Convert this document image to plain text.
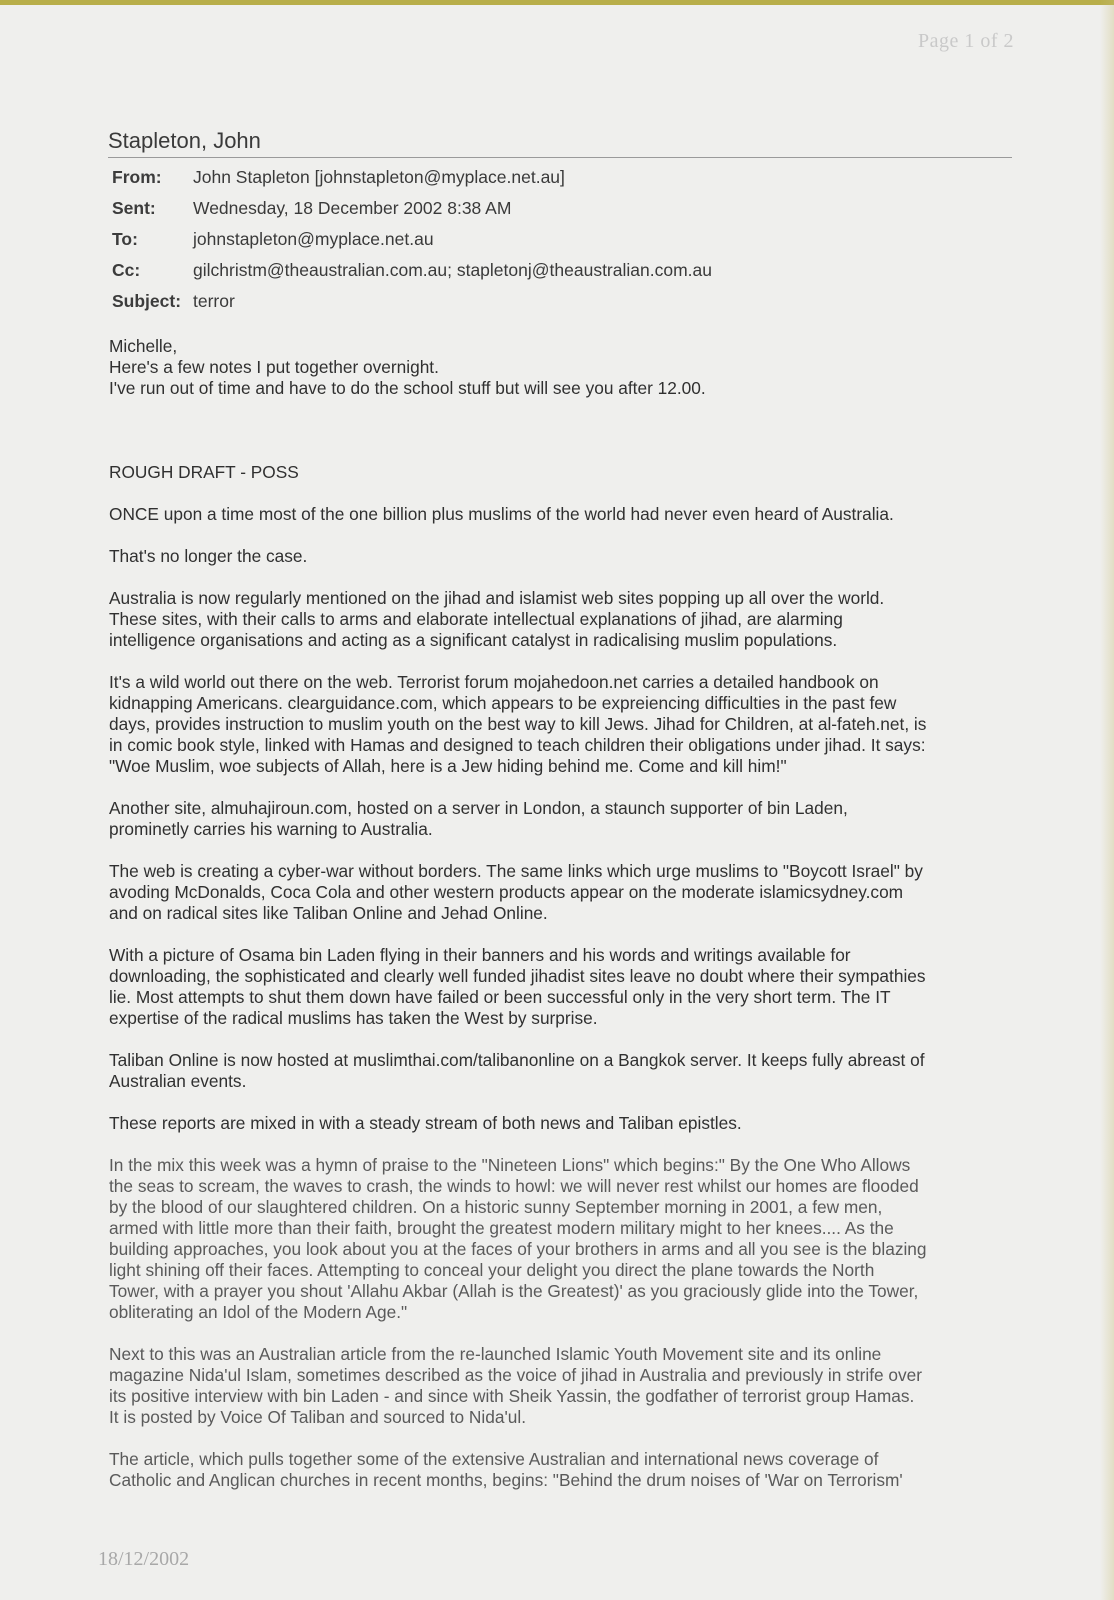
Page 1 of 2
Stapleton, John
From: John Stapleton [johnstapleton@myplace.net.au]
Sent: Wednesday, 18 December 2002 8:38 AM
To:	johnstapleton@myplace.net.au
Cc:	gilchristm@theaustralian.com.au; stapletonj@theaustralian.com.au
Subject: terror

Michelle,
Here's a few notes I put together overnight.
I've run out of time and have to do the school stuff but will see you after 12.00.

ROUGH DRAFT - POSS

ONCE upon a time most of the one billion plus muslims of the world had never even heard of Australia.

That's no longer the case.

Australia is now regularly mentioned on the jihad and islamist web sites popping up all over the world.
These sites, with their calls to arms and elaborate intellectual explanations of jihad, are alarming
intelligence organisations and acting as a significant catalyst in radicalising muslim populations.

It's a wild world out there on the web. Terrorist forum mojahedoon.net carries a detailed handbook on
kidnapping Americans. clearguidance.com, which appears to be expreiencing difficulties in the past few
days, provides instruction to muslim youth on the best way to kill Jews. Jihad for Children, at al-fateh.net, is
in comic book style, linked with Hamas and designed to teach children their obligations under jihad. It says:
"Woe Muslim, woe subjects of Allah, here is a Jew hiding behind me. Come and kill him!"

Another site, almuhajiroun.com, hosted on a server in London, a staunch supporter of bin Laden,
prominetly carries his warning to Australia.

The web is creating a cyber-war without borders. The same links which urge muslims to "Boycott Israel" by
avoding McDonalds, Coca Cola and other western products appear on the moderate islamicsydney.com
and on radical sites like Taliban Online and Jehad Online.

With a picture of Osama bin Laden flying in their banners and his words and writings available for
downloading, the sophisticated and clearly well funded jihadist sites leave no doubt where their sympathies
lie. Most attempts to shut them down have failed or been successful only in the very short term. The IT
expertise of the radical muslims has taken the West by surprise.

Taliban Online is now hosted at muslimthai.com/talibanonline on a Bangkok server. It keeps fully abreast of
Australian events.

These reports are mixed in with a steady stream of both news and Taliban epistles.

In the mix this week was a hymn of praise to the "Nineteen Lions" which begins:" By the One Who Allows
the seas to scream, the waves to crash, the winds to howl: we will never rest whilst our homes are flooded
by the blood of our slaughtered children. On a historic sunny September morning in 2001, a few men,
armed with little more than their faith, brought the greatest modern military might to her knees.... As the
building approaches, you look about you at the faces of your brothers in arms and all you see is the blazing
light shining off their faces. Attempting to conceal your delight you direct the plane towards the North
Tower, with a prayer you shout 'Allahu Akbar (Allah is the Greatest)' as you graciously glide into the Tower,
obliterating an Idol of the Modern Age."

Next to this was an Australian article from the re-launched Islamic Youth Movement site and its online
magazine Nida'ul Islam, sometimes described as the voice of jihad in Australia and previously in strife over
its positive interview with bin Laden - and since with Sheik Yassin, the godfather of terrorist group Hamas.
It is posted by Voice Of Taliban and sourced to Nida'ul.

The article, which pulls together some of the extensive Australian and international news coverage of
Catholic and Anglican churches in recent months, begins: "Behind the drum noises of 'War on Terrorism'

18/12/2002
